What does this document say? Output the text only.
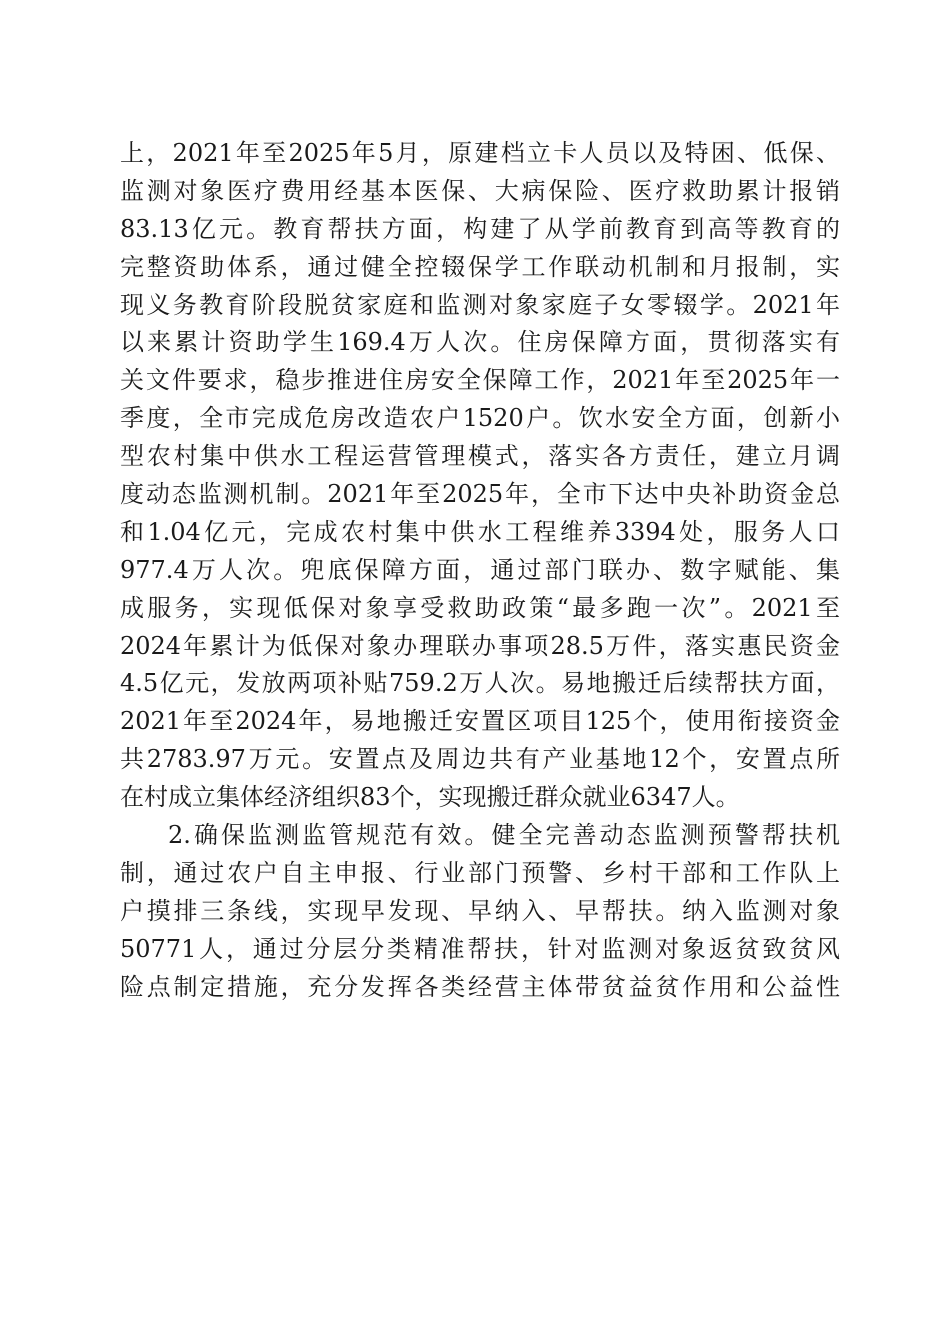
上，2021年至2025年5月，原建档立卡人员以及特困、低保、
监测对象医疗费用经基本医保、大病保险、医疗救助累计报销
83.13亿元。教育帮扶方面，构建了从学前教育到高等教育的
完整资助体系，通过健全控辍保学工作联动机制和月报制，实
现义务教育阶段脱贫家庭和监测对象家庭子女零辍学。2021年
以来累计资助学生169.4万人次。住房保障方面，贯彻落实有
关文件要求，稳步推进住房安全保障工作，2021年至2025年一
季度，全市完成危房改造农户1520户。饮水安全方面，创新小
型农村集中供水工程运营管理模式，落实各方责任，建立月调
度动态监测机制。2021年至2025年，全市下达中央补助资金总
和1.04亿元，完成农村集中供水工程维养3394处，服务人口
977.4万人次。兜底保障方面，通过部门联办、数字赋能、集
成服务，实现低保对象享受救助政策“最多跑一次”。2021至
2024年累计为低保对象办理联办事项28.5万件，落实惠民资金
4.5亿元，发放两项补贴759.2万人次。易地搬迁后续帮扶方面，
2021年至2024年，易地搬迁安置区项目125个，使用衔接资金
共2783.97万元。安置点及周边共有产业基地12个，安置点所
在村成立集体经济组织83个，实现搬迁群众就业6347人。
2.确保监测监管规范有效。健全完善动态监测预警帮扶机
制，通过农户自主申报、行业部门预警、乡村干部和工作队上
户摸排三条线，实现早发现、早纳入、早帮扶。纳入监测对象
50771人，通过分层分类精准帮扶，针对监测对象返贫致贫风
险点制定措施，充分发挥各类经营主体带贫益贫作用和公益性
